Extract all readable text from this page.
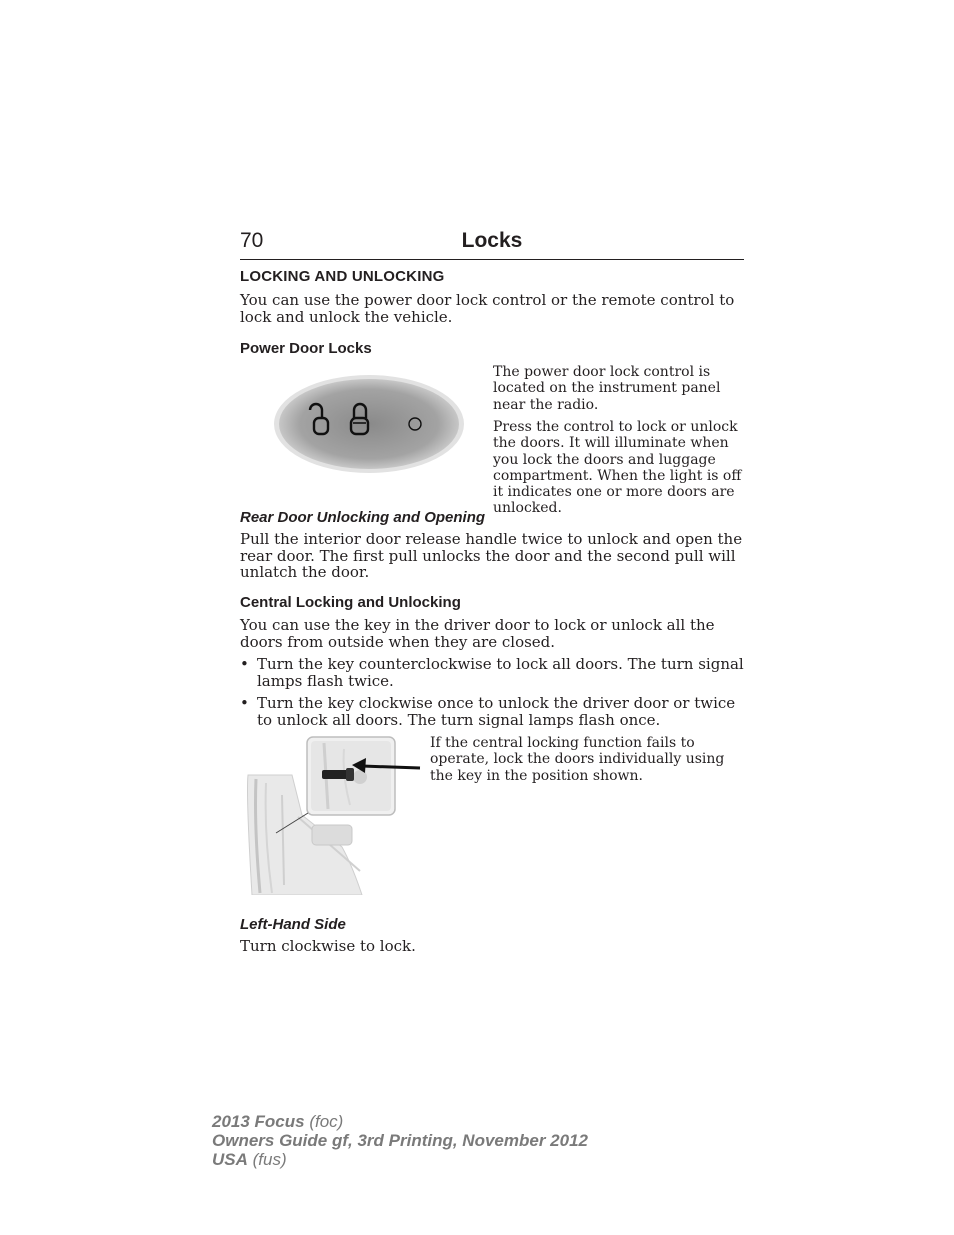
70	Locks
LOCKING AND UNLOCKING
You can use the power door lock control or the remote control to lock and unlock the vehicle.
Power Door Locks
The power door lock control is located on the instrument panel near the radio.
Press the control to lock or unlock the doors. It will illuminate when you lock the doors and luggage compartment. When the light is off it indicates one or more doors are unlocked.
Rear Door Unlocking and Opening
Pull the interior door release handle twice to unlock and open the rear door. The first pull unlocks the door and the second pull will unlatch the door.
Central Locking and Unlocking
You can use the key in the driver door to lock or unlock all the doors from outside when they are closed.
• Turn the key counterclockwise to lock all doors. The turn signal lamps flash twice.
• Turn the key clockwise once to unlock the driver door or twice to unlock all doors. The turn signal lamps flash once.
If the central locking function fails to operate, lock the doors individually using the key in the position shown.
Left-Hand Side
Turn clockwise to lock.
2013 Focus (foc)
Owners Guide gf, 3rd Printing, November 2012
USA (fus)
